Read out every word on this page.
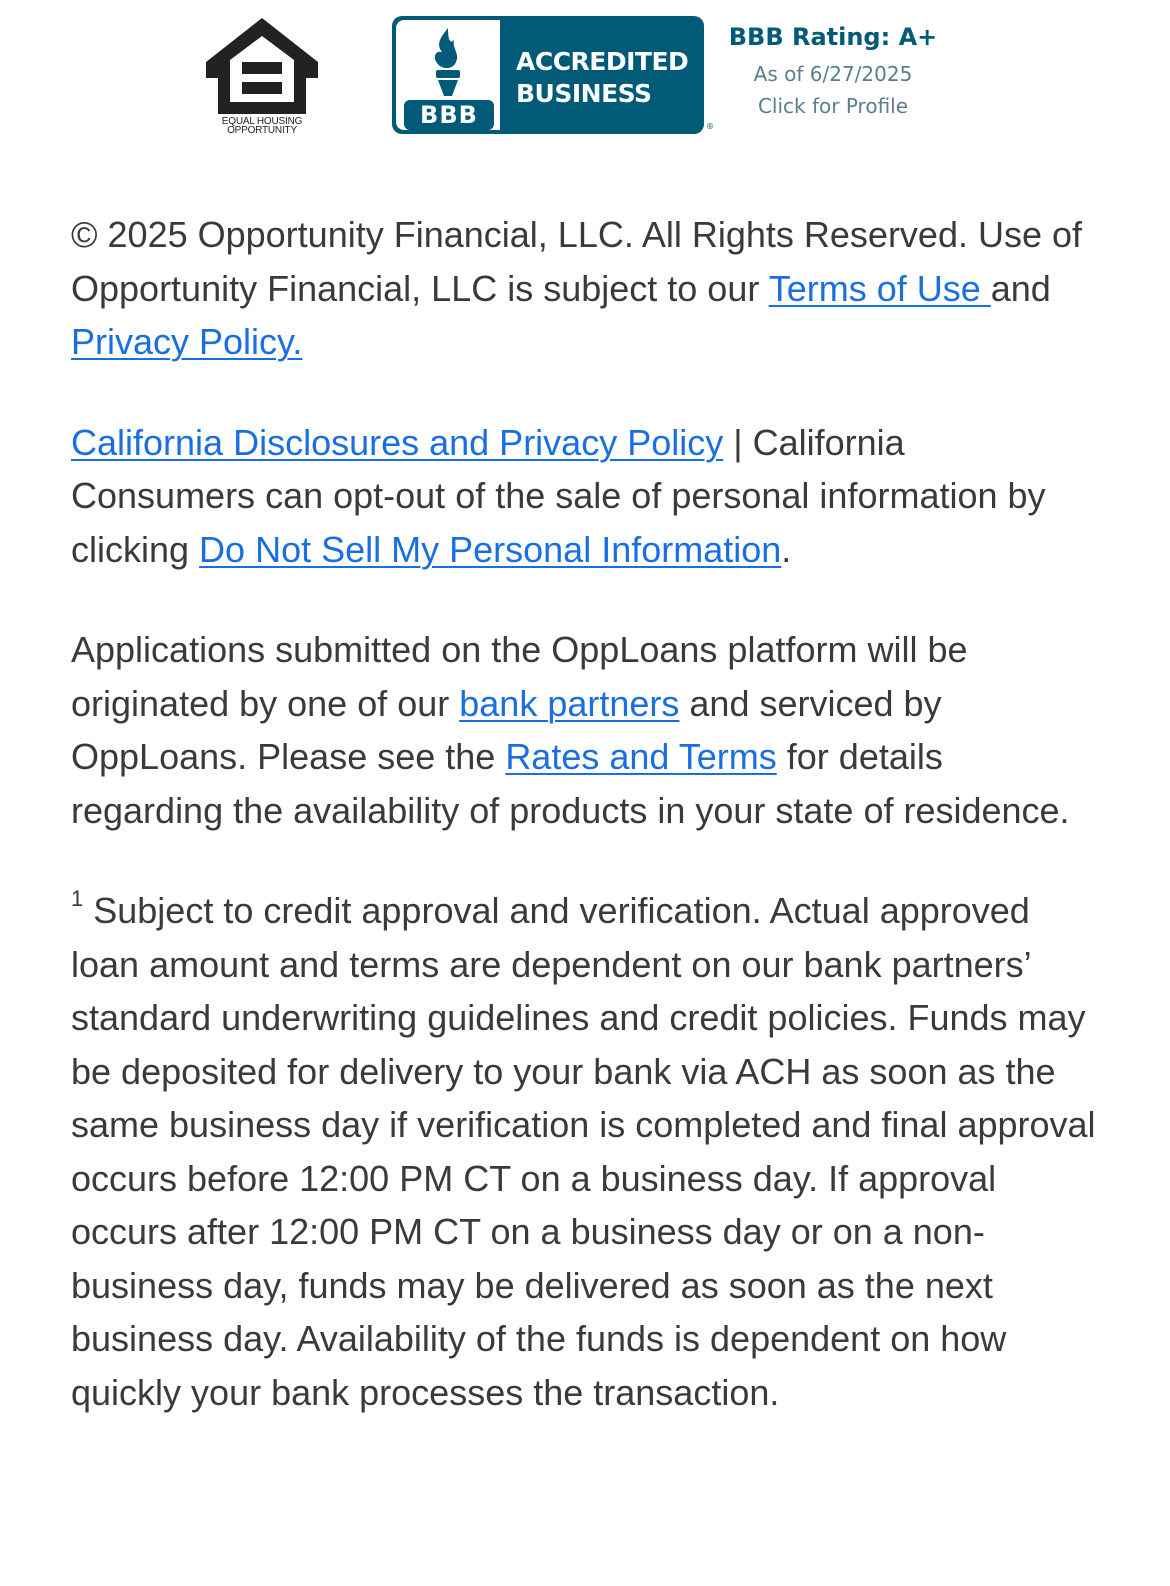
EQUAL HOUSING
OPPORTUNITY
BBB
ACCREDITED
BUSINESS
®
BBB Rating: A+
As of 6/27/2025
Click for Profile

© 2025 Opportunity Financial, LLC. All Rights Reserved. Use of Opportunity Financial, LLC is subject to our Terms of Use and Privacy Policy.

California Disclosures and Privacy Policy | California Consumers can opt-out of the sale of personal information by clicking Do Not Sell My Personal Information.

Applications submitted on the OppLoans platform will be originated by one of our bank partners and serviced by OppLoans. Please see the Rates and Terms for details regarding the availability of products in your state of residence.

$^1$ Subject to credit approval and verification. Actual approved loan amount and terms are dependent on our bank partners’ standard underwriting guidelines and credit policies. Funds may be deposited for delivery to your bank via ACH as soon as the same business day if verification is completed and final approval occurs before 12:00 PM CT on a business day. If approval occurs after 12:00 PM CT on a business day or on a non-business day, funds may be delivered as soon as the next business day. Availability of the funds is dependent on how quickly your bank processes the transaction.
